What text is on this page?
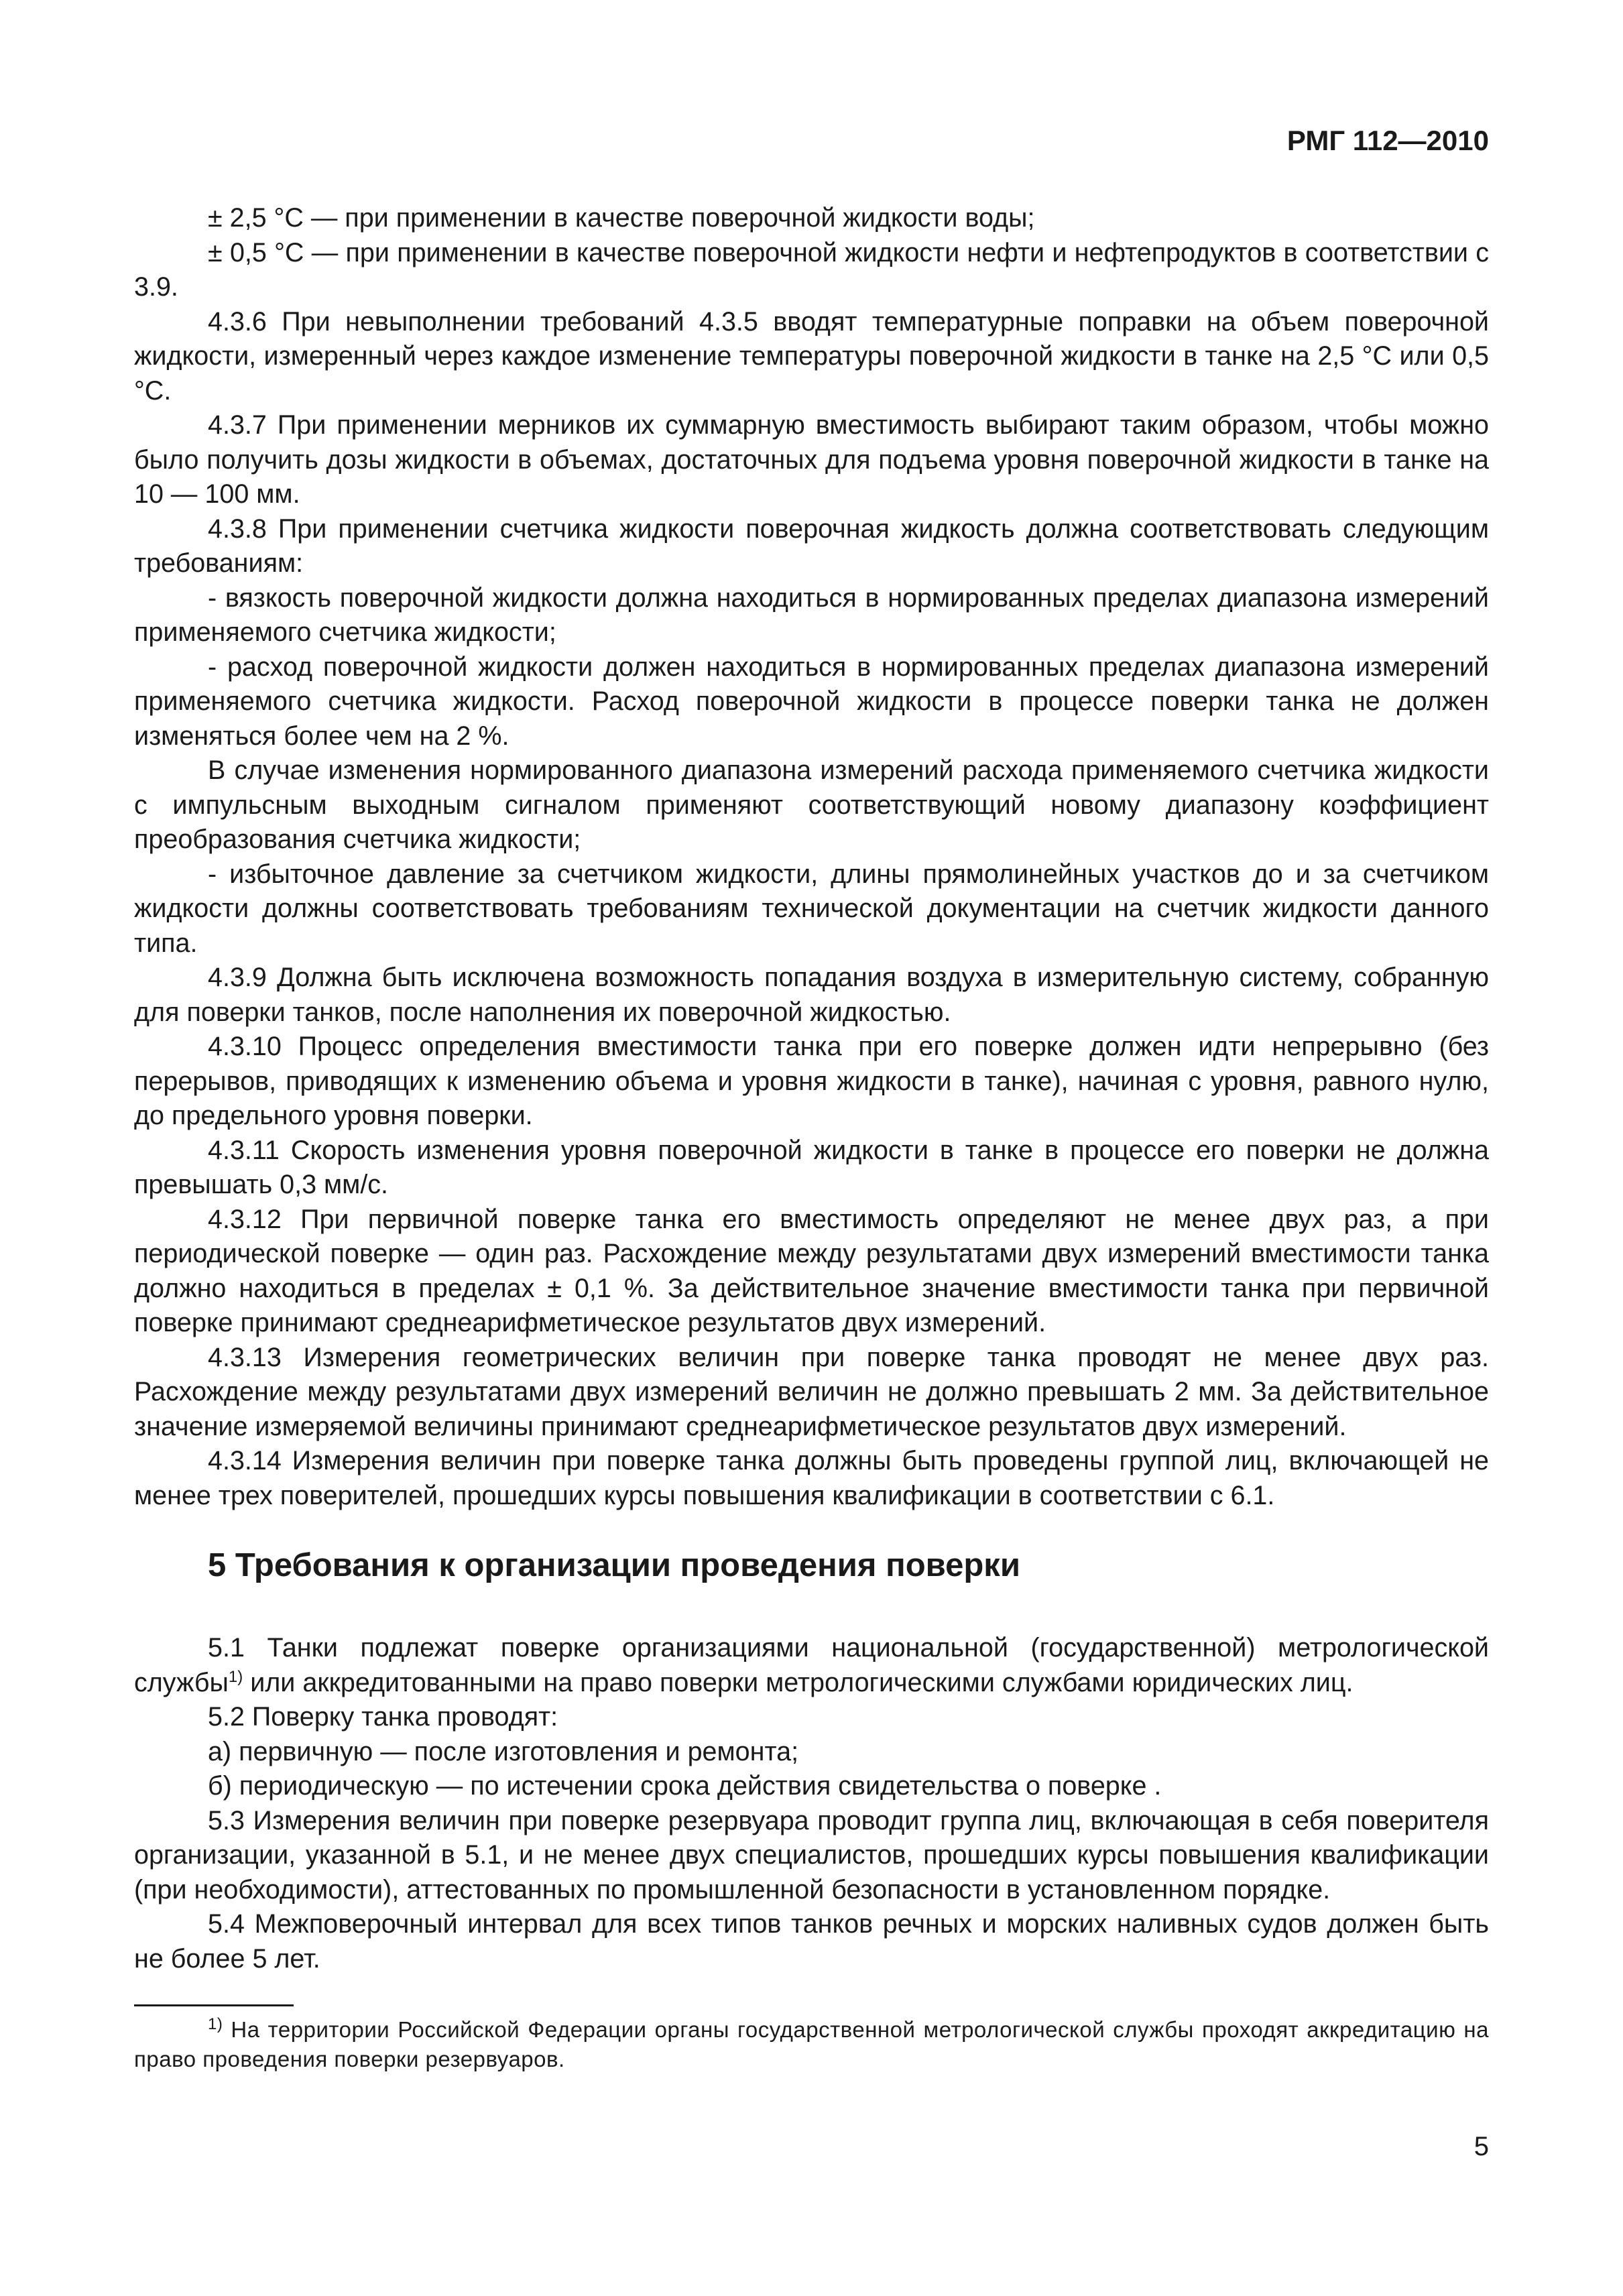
РМГ 112—2010

± 2,5 °С — при применении в качестве поверочной жидкости воды;

± 0,5 °С — при применении в качестве поверочной жидкости нефти и нефтепродуктов в соответствии с 3.9.

4.3.6 При невыполнении требований 4.3.5 вводят температурные поправки на объем поверочной жидкости, измеренный через каждое изменение температуры поверочной жидкости в танке на 2,5 °С или 0,5 °С.

4.3.7 При применении мерников их суммарную вместимость выбирают таким образом, чтобы можно было получить дозы жидкости в объемах, достаточных для подъема уровня поверочной жидкости в танке на 10 — 100 мм.

4.3.8 При применении счетчика жидкости поверочная жидкость должна соответствовать следующим требованиям:

- вязкость поверочной жидкости должна находиться в нормированных пределах диапазона измерений применяемого счетчика жидкости;

- расход поверочной жидкости должен находиться в нормированных пределах диапазона измерений применяемого счетчика жидкости. Расход поверочной жидкости в процессе поверки танка не должен изменяться более чем на 2 %.

В случае изменения нормированного диапазона измерений расхода применяемого счетчика жидкости с импульсным выходным сигналом применяют соответствующий новому диапазону коэффициент преобразования счетчика жидкости;

- избыточное давление за счетчиком жидкости, длины прямолинейных участков до и за счетчиком жидкости должны соответствовать требованиям технической документации на счетчик жидкости данного типа.

4.3.9 Должна быть исключена возможность попадания воздуха в измерительную систему, собранную для поверки танков, после наполнения их поверочной жидкостью.

4.3.10 Процесс определения вместимости танка при его поверке должен идти непрерывно (без перерывов, приводящих к изменению объема и уровня жидкости в танке), начиная с уровня, равного нулю, до предельного уровня поверки.

4.3.11 Скорость изменения уровня поверочной жидкости в танке в процессе его поверки не должна превышать 0,3 мм/с.

4.3.12 При первичной поверке танка его вместимость определяют не менее двух раз, а при периодической поверке — один раз. Расхождение между результатами двух измерений вместимости танка должно находиться в пределах ± 0,1 %. За действительное значение вместимости танка при первичной поверке принимают среднеарифметическое результатов двух измерений.

4.3.13 Измерения геометрических величин при поверке танка проводят не менее двух раз. Расхождение между результатами двух измерений величин не должно превышать 2 мм. За действительное значение измеряемой величины принимают среднеарифметическое результатов двух измерений.

4.3.14 Измерения величин при поверке танка должны быть проведены группой лиц, включающей не менее трех поверителей, прошедших курсы повышения квалификации в соответствии с 6.1.

5 Требования к организации проведения поверки

5.1 Танки подлежат поверке организациями национальной (государственной) метрологической службы$^{1)}$ или аккредитованными на право поверки метрологическими службами юридических лиц.

5.2 Поверку танка проводят:

а) первичную — после изготовления и ремонта;

б) периодическую — по истечении срока действия свидетельства о поверке .

5.3 Измерения величин при поверке резервуара проводит группа лиц, включающая в себя поверителя организации, указанной в 5.1, и не менее двух специалистов, прошедших курсы повышения квалификации (при необходимости), аттестованных по промышленной безопасности в установленном порядке.

5.4 Межповерочный интервал для всех типов танков речных и морских наливных судов должен быть не более 5 лет.

$^{1)}$ На территории Российской Федерации органы государственной метрологической службы проходят аккредитацию на право проведения поверки резервуаров.
5
